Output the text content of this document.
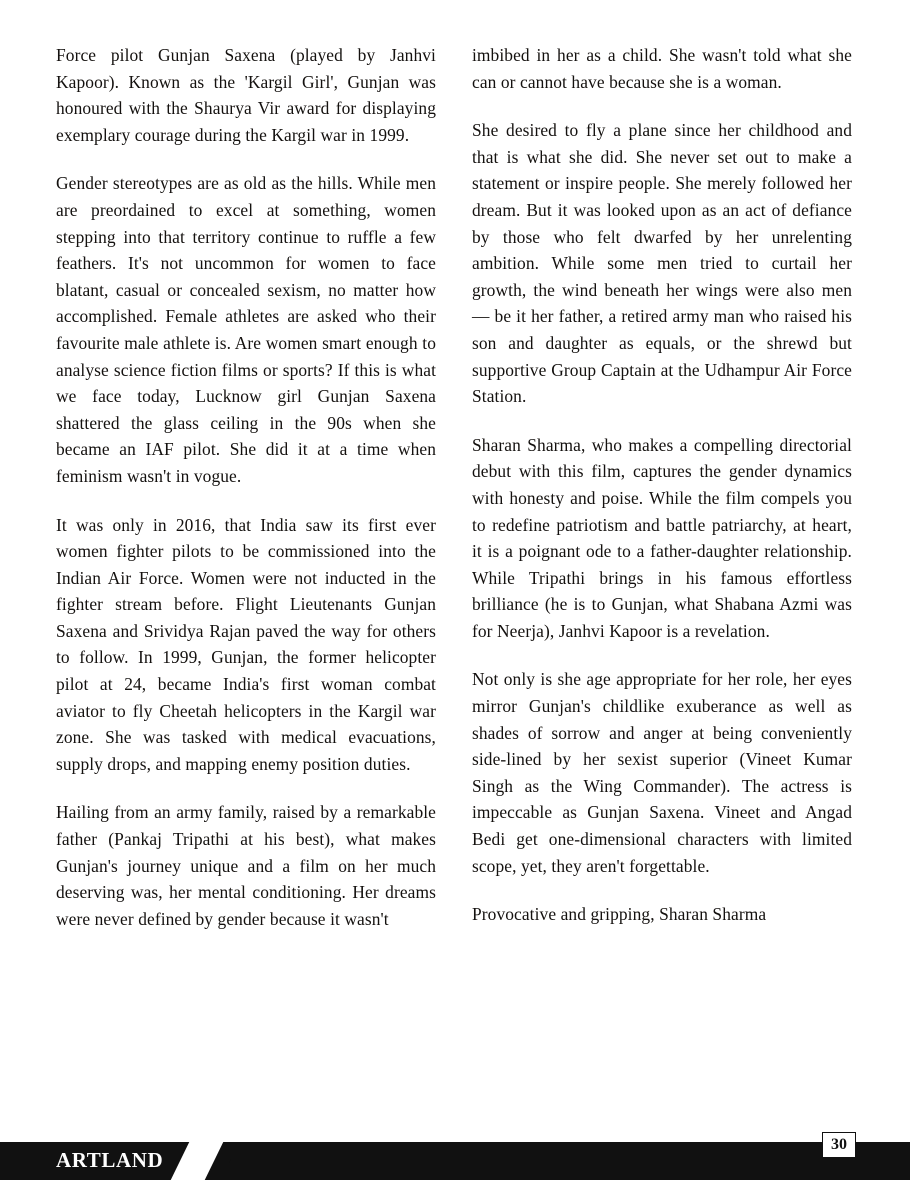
Force pilot Gunjan Saxena (played by Janhvi Kapoor). Known as the 'Kargil Girl', Gunjan was honoured with the Shaurya Vir award for displaying exemplary courage during the Kargil war in 1999.

Gender stereotypes are as old as the hills. While men are preordained to excel at something, women stepping into that territory continue to ruffle a few feathers. It's not uncommon for women to face blatant, casual or concealed sexism, no matter how accomplished. Female athletes are asked who their favourite male athlete is. Are women smart enough to analyse science fiction films or sports? If this is what we face today, Lucknow girl Gunjan Saxena shattered the glass ceiling in the 90s when she became an IAF pilot. She did it at a time when feminism wasn't in vogue.

It was only in 2016, that India saw its first ever women fighter pilots to be commissioned into the Indian Air Force. Women were not inducted in the fighter stream before. Flight Lieutenants Gunjan Saxena and Srividya Rajan paved the way for others to follow. In 1999, Gunjan, the former helicopter pilot at 24, became India's first woman combat aviator to fly Cheetah helicopters in the Kargil war zone. She was tasked with medical evacuations, supply drops, and mapping enemy position duties.

Hailing from an army family, raised by a remarkable father (Pankaj Tripathi at his best), what makes Gunjan's journey unique and a film on her much deserving was, her mental conditioning. Her dreams were never defined by gender because it wasn't

imbibed in her as a child. She wasn't told what she can or cannot have because she is a woman.

She desired to fly a plane since her childhood and that is what she did. She never set out to make a statement or inspire people. She merely followed her dream. But it was looked upon as an act of defiance by those who felt dwarfed by her unrelenting ambition. While some men tried to curtail her growth, the wind beneath her wings were also men — be it her father, a retired army man who raised his son and daughter as equals, or the shrewd but supportive Group Captain at the Udhampur Air Force Station.

Sharan Sharma, who makes a compelling directorial debut with this film, captures the gender dynamics with honesty and poise. While the film compels you to redefine patriotism and battle patriarchy, at heart, it is a poignant ode to a father-daughter relationship. While Tripathi brings in his famous effortless brilliance (he is to Gunjan, what Shabana Azmi was for Neerja), Janhvi Kapoor is a revelation.

Not only is she age appropriate for her role, her eyes mirror Gunjan's childlike exuberance as well as shades of sorrow and anger at being conveniently side-lined by her sexist superior (Vineet Kumar Singh as the Wing Commander). The actress is impeccable as Gunjan Saxena. Vineet and Angad Bedi get one-dimensional characters with limited scope, yet, they aren't forgettable.

Provocative and gripping, Sharan Sharma

ARTLAND
30
